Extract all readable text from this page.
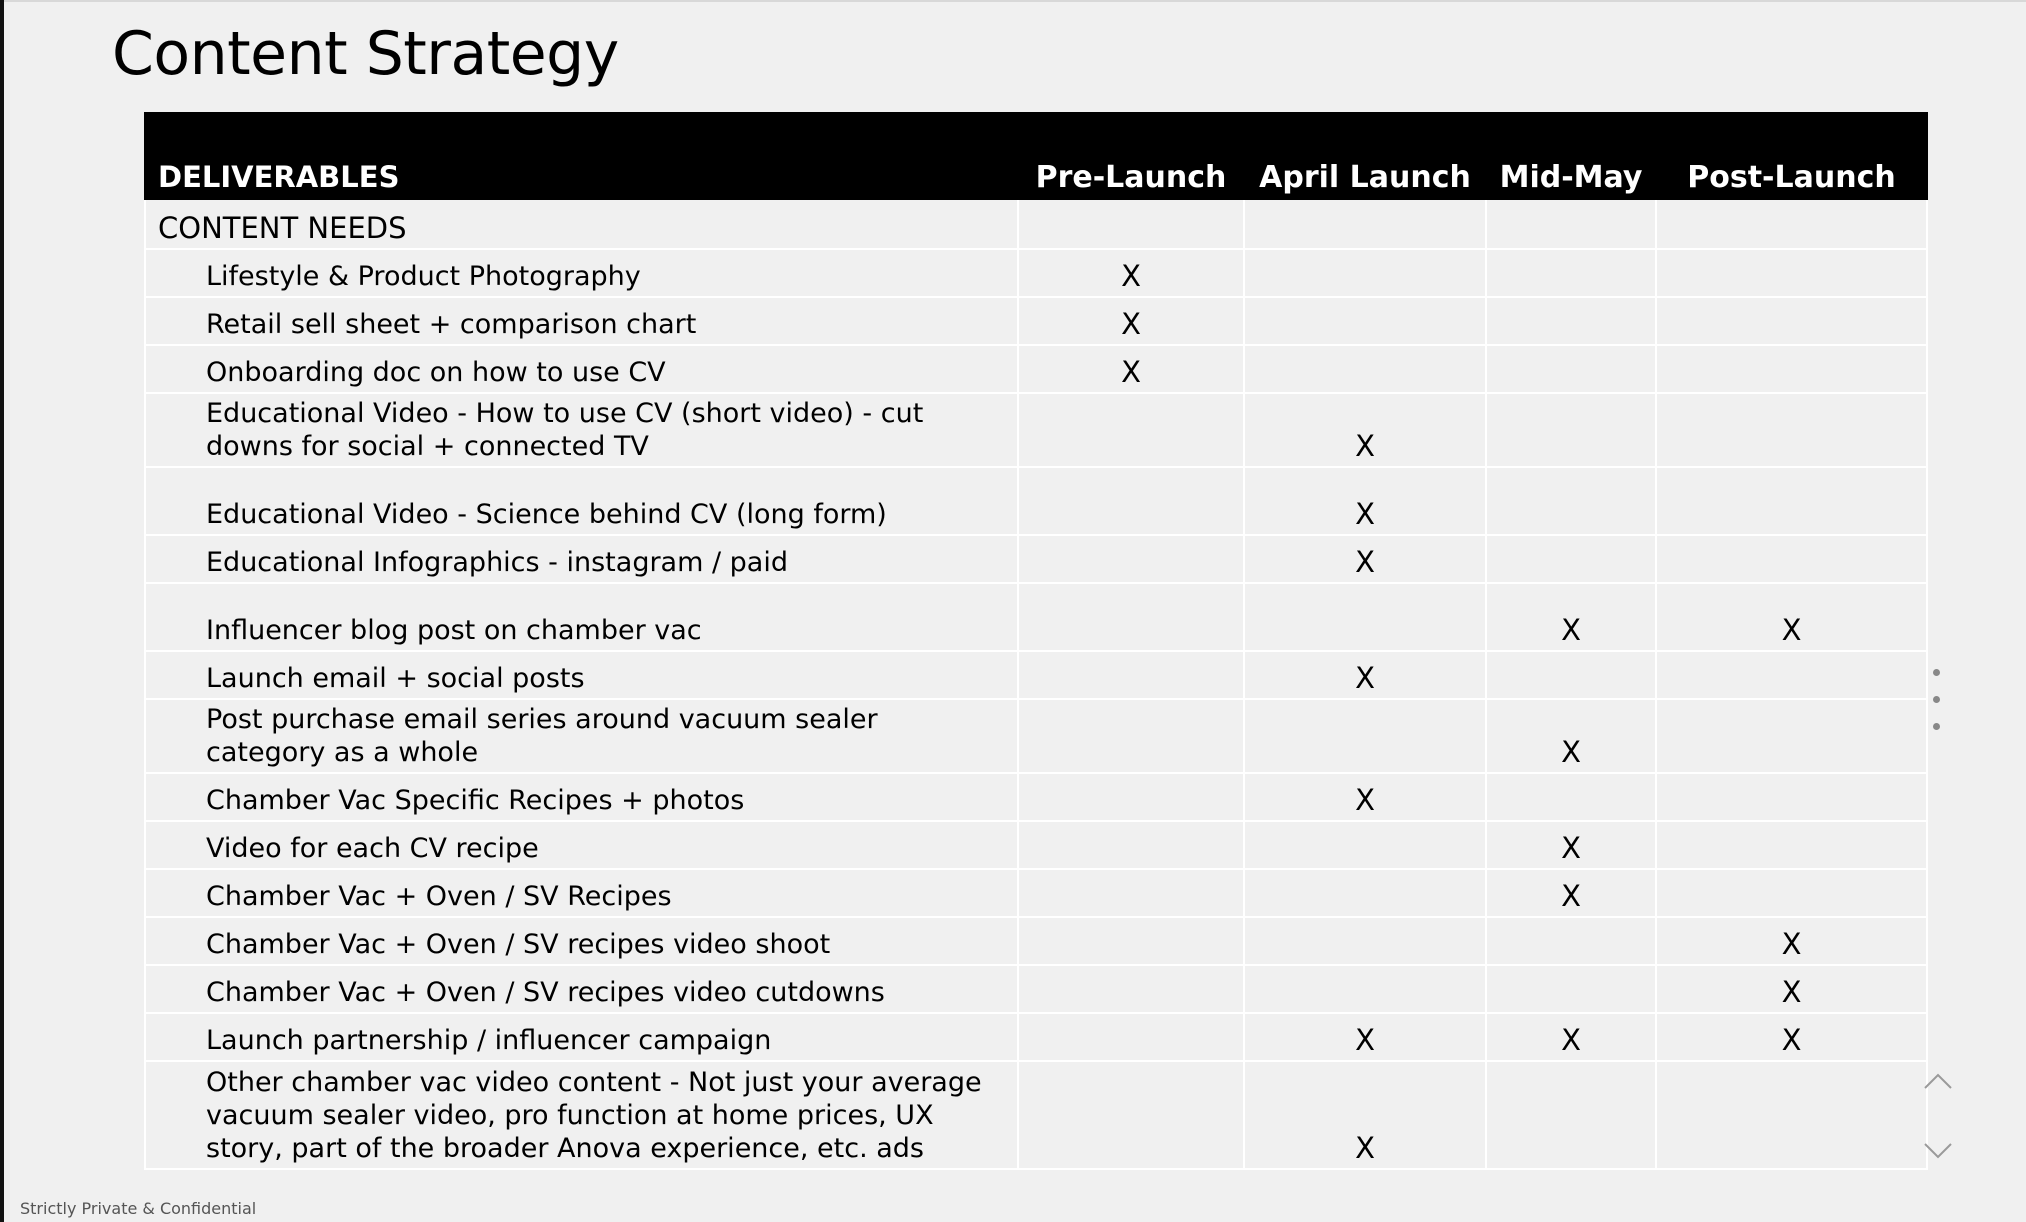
Content Strategy
DELIVERABLES	Pre-Launch	April Launch	Mid-May	Post-Launch
CONTENT NEEDS				
Lifestyle & Product Photography	X			
Retail sell sheet + comparison chart	X			
Onboarding doc on how to use CV	X			
Educational Video - How to use CV (short video) - cut downs for social + connected TV		X		
Educational Video - Science behind CV (long form)		X		
Educational Infographics - instagram / paid		X		
Influencer blog post on chamber vac			X	X
Launch email + social posts		X		
Post purchase email series around vacuum sealer category as a whole			X	
Chamber Vac Specific Recipes + photos		X		
Video for each CV recipe			X	
Chamber Vac + Oven / SV Recipes			X	
Chamber Vac + Oven / SV recipes video shoot				X
Chamber Vac + Oven / SV recipes video cutdowns				X
Launch partnership / influencer campaign		X	X	X
Other chamber vac video content - Not just your average vacuum sealer video, pro function at home prices, UX story, part of the broader Anova experience, etc. ads		X		
Strictly Private & Confidential
